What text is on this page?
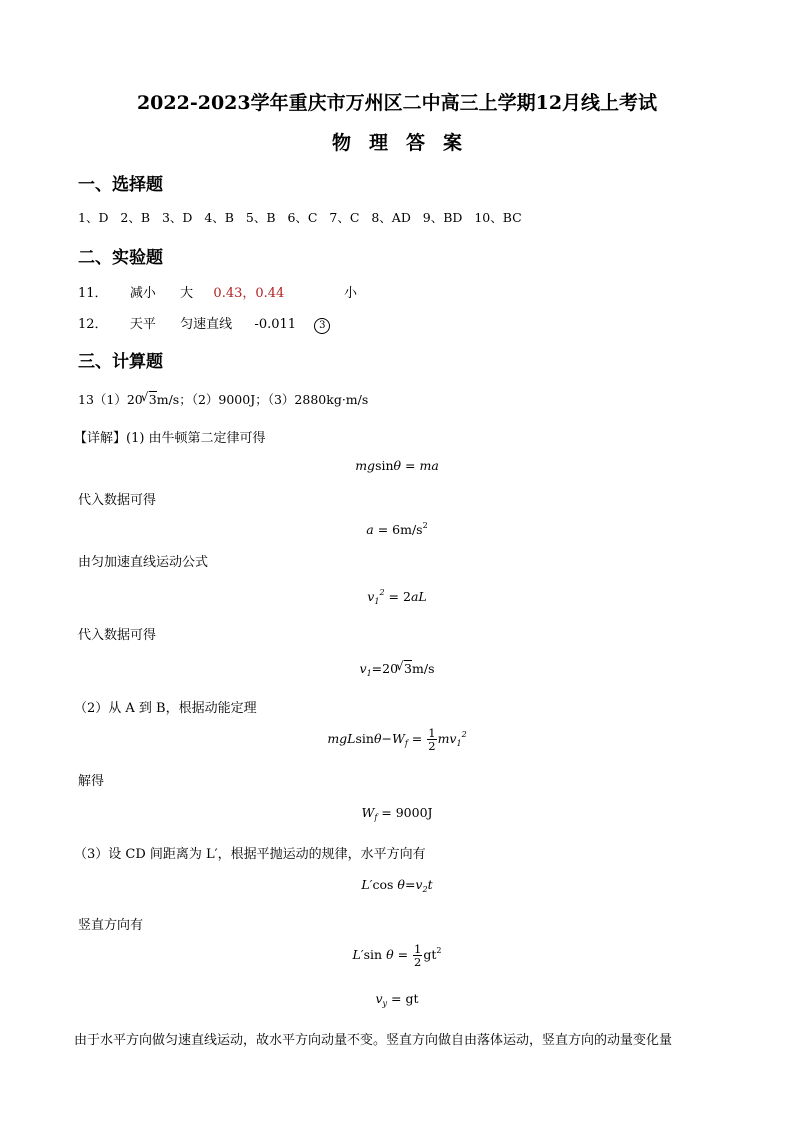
2022-2023学年重庆市万州区二中高三上学期12月线上考试
物理答案
一、选择题
1、D   2、B   3、D   4、B   5、B   6、C   7、C   8、AD   9、BD   10、BC
二、实验题
11． 减小 大 0.43，0.44	小
12． 天平 匀速直线 -0.011 3
三、计算题
13（1）20√ 3m/s；（2）9000J；（3）2880kg·m/s
【详解】(1) 由牛顿第二定律可得
mgsinθ = ma
代入数据可得
$a = 6m/s^2$
由匀加速直线运动公式
$v_1^2 = 2aL$
代入数据可得
$v_1=20√$ 3m/s
（2）从 A 到 B，根据动能定理
$mgLsin\theta-W_f = \frac{1}{2} mv_1^2$
解得
$W_f = 9000J$
（3）设 CD 间距离为 L′，根据平抛运动的规律，水平方向有
L′cos $\theta=v_2t$
竖直方向有
L′sin $\theta = \frac{1}{2} gt^2$
$v_y$ = gt
由于水平方向做匀速直线运动，故水平方向动量不变。竖直方向做自由落体运动，竖直方向的动量变化量
